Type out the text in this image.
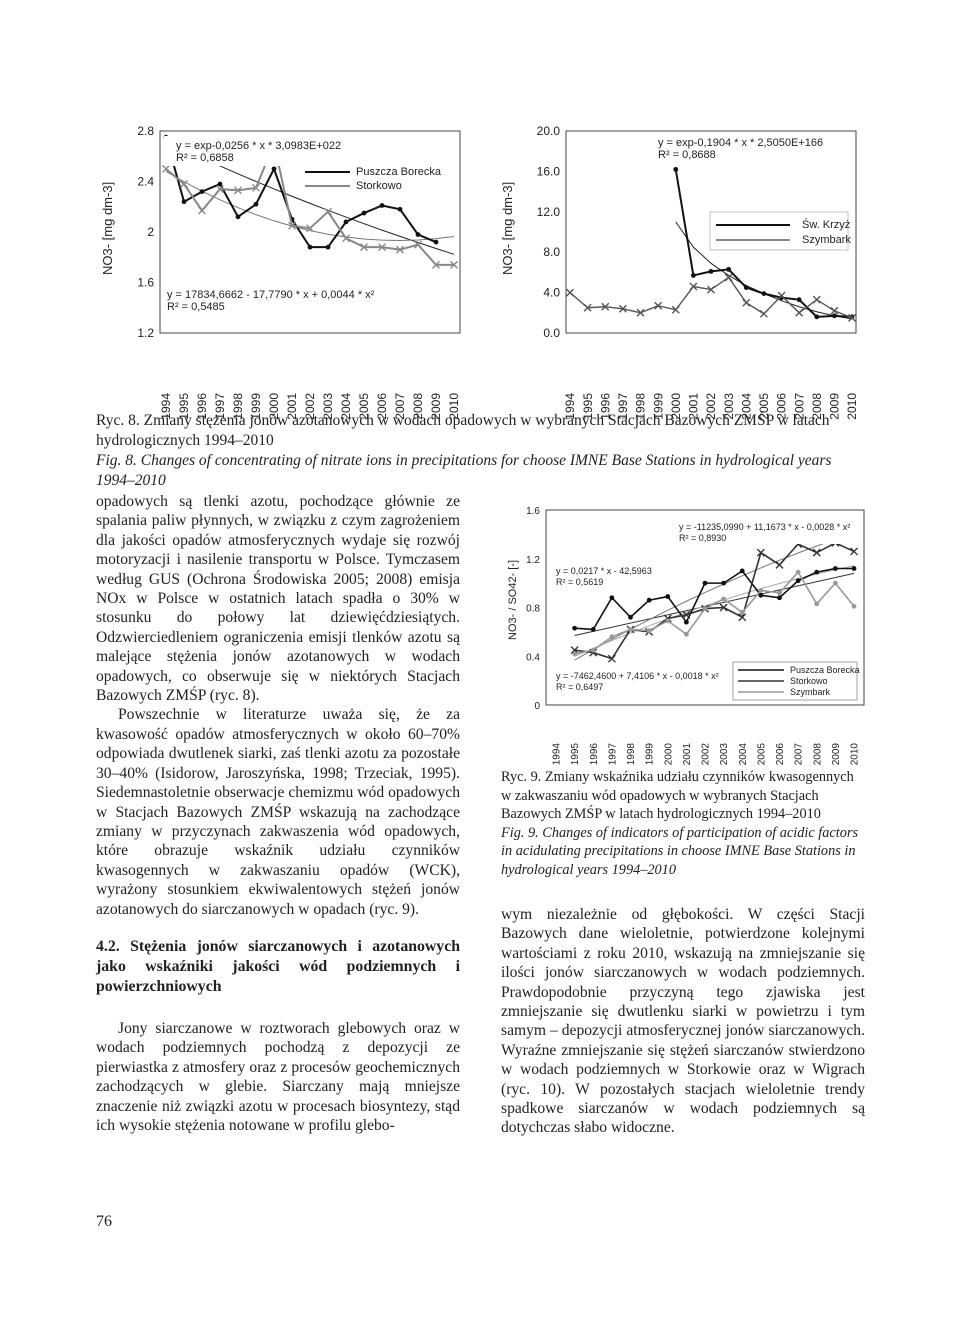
2.8
2.4
2
1.6
1.2
1994 1995 1996 1997 1998 1999 2000 2001 2002 2003 2004 2005 2006 2007 2008 2009 2010
NO3- [mg dm-3]
20.0
16.0
12.0
8.0
4.0
0.0
1994 1995 1996 1997 1998 1999 2000 2001 2002 2003 2004 2005 2006 2007 2008 2009 2010
NO3- [mg dm-3]
y = exp-0,0256 * x * 3,0983E+022
R² = 0,6858
y = 17834,6662 - 17,7790 * x + 0,0044 * x²
R² = 0,5485
Puszcza Borecka
Storkowo
y = exp-0,1904 * x * 2,5050E+166
R² = 0,8688
Św. Krzyż
Szymbark
1.6
1.2
0.8
0.4
0
1994 1995 1996 1997 1998 1999 2000 2001 2002 2003 2004 2005 2006 2007 2008 2009 2010
NO3- / SO42- [-]
y = -11235,0990 + 11,1673 * x - 0,0028 * x²
R² = 0,8930
y = 0,0217 * x - 42,5963
R² = 0,5619
y = -7462,4600 + 7,4106 * x - 0,0018 * x²
R² = 0,6497
Puszcza Borecka
Storkowo
Szymbark
Ryc. 8. Zmiany stężenia jonów azotanowych w wodach opadowych w wybranych Stacjach Bazowych ZMŚP w latach hydrologicznych 1994–2010
Fig. 8. Changes of concentrating of nitrate ions in precipitations for choose IMNE Base Stations in hydrological years 1994–2010

opadowych są tlenki azotu, pochodzące głównie ze spalania paliw płynnych, w związku z czym zagrożeniem dla jakości opadów atmosferycznych wydaje się rozwój motoryzacji i nasilenie transportu w Polsce. Tymczasem według GUS (Ochrona Środowiska 2005; 2008) emisja NOx w Polsce w ostatnich latach spadła o 30% w stosunku do połowy lat dziewięćdziesiątych. Odzwierciedleniem ograniczenia emisji tlenków azotu są malejące stężenia jonów azotanowych w wodach opadowych, co obserwuje się w niektórych Stacjach Bazowych ZMŚP (ryc. 8).

Powszechnie w literaturze uważa się, że za kwasowość opadów atmosferycznych w około 60–70% odpowiada dwutlenek siarki, zaś tlenki azotu za pozostałe 30–40% (Isidorow, Jaroszyńska, 1998; Trzeciak, 1995). Siedemnastoletnie obserwacje chemizmu wód opadowych w Stacjach Bazowych ZMŚP wskazują na zachodzące zmiany w przyczynach zakwaszenia wód opadowych, które obrazuje wskaźnik udziału czynników kwasogennych w zakwaszaniu opadów (WCK), wyrażony stosunkiem ekwiwalentowych stężeń jonów azotanowych do siarczanowych w opadach (ryc. 9).

4.2. Stężenia jonów siarczanowych i azotanowych jako wskaźniki jakości wód podziemnych i powierzchniowych

Jony siarczanowe w roztworach glebowych oraz w wodach podziemnych pochodzą z depozycji ze pierwiastka z atmosfery oraz z procesów geochemicznych zachodzących w glebie. Siarczany mają mniejsze znaczenie niż związki azotu w procesach biosyntezy, stąd ich wysokie stężenia notowane w profilu glebo-

Ryc. 9. Zmiany wskaźnika udziału czynników kwasogennych w zakwaszaniu wód opadowych w wybranych Stacjach Bazowych ZMŚP w latach hydrologicznych 1994–2010
Fig. 9. Changes of indicators of participation of acidic factors in acidulating precipitations in choose IMNE Base Stations in hydrological years 1994–2010

wym niezależnie od głębokości. W części Stacji Bazowych dane wieloletnie, potwierdzone kolejnymi wartościami z roku 2010, wskazują na zmniejszanie się ilości jonów siarczanowych w wodach podziemnych. Prawdopodobnie przyczyną tego zjawiska jest zmniejszanie się dwutlenku siarki w powietrzu i tym samym – depozycji atmosferycznej jonów siarczanowych. Wyraźne zmniejszanie się stężeń siarczanów stwierdzono w wodach podziemnych w Storkowie oraz w Wigrach (ryc. 10). W pozostałych stacjach wieloletnie trendy spadkowe siarczanów w wodach podziemnych są dotychczas słabo widoczne.

76
